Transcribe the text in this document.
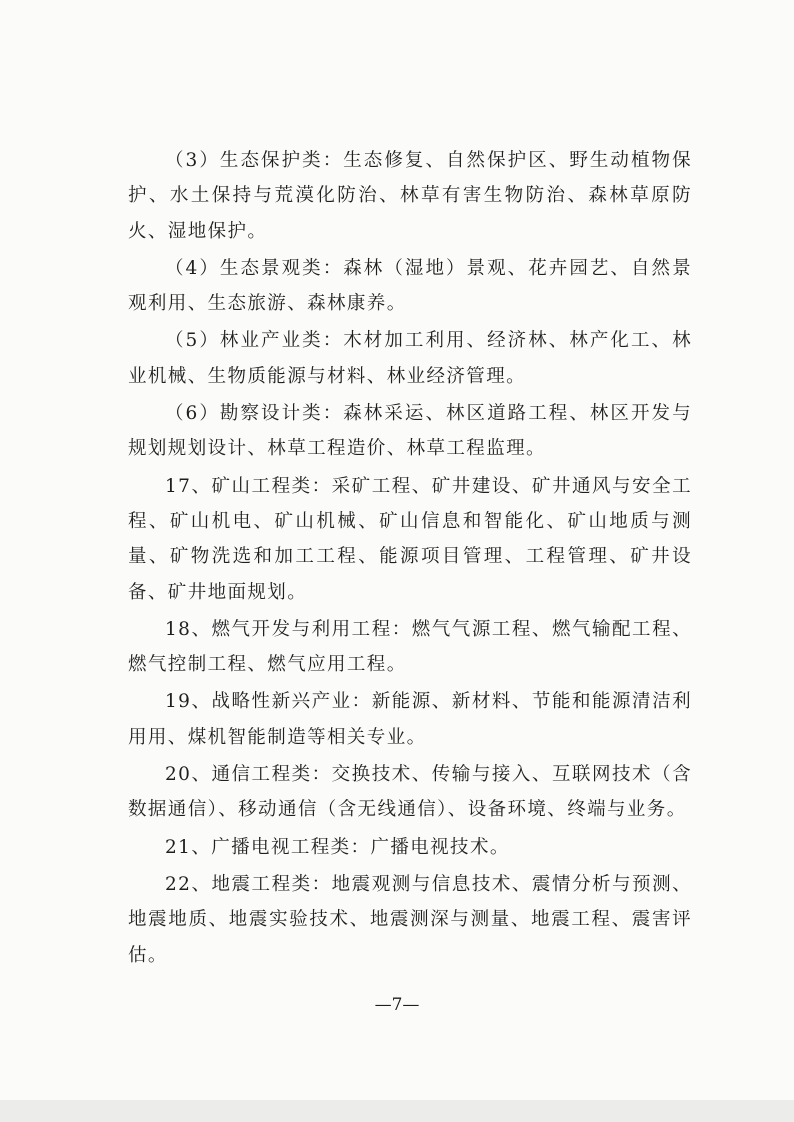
（3）生态保护类：生态修复、自然保护区、野生动植物保护、水土保持与荒漠化防治、林草有害生物防治、森林草原防火、湿地保护。

（4）生态景观类：森林（湿地）景观、花卉园艺、自然景观利用、生态旅游、森林康养。

（5）林业产业类：木材加工利用、经济林、林产化工、林业机械、生物质能源与材料、林业经济管理。

（6）勘察设计类：森林采运、林区道路工程、林区开发与规划规划设计、林草工程造价、林草工程监理。

17、矿山工程类：采矿工程、矿井建设、矿井通风与安全工程、矿山机电、矿山机械、矿山信息和智能化、矿山地质与测量、矿物洗选和加工工程、能源项目管理、工程管理、矿井设备、矿井地面规划。

18、燃气开发与利用工程：燃气气源工程、燃气输配工程、燃气控制工程、燃气应用工程。

19、战略性新兴产业：新能源、新材料、节能和能源清洁利用用、煤机智能制造等相关专业。

20、通信工程类：交换技术、传输与接入、互联网技术（含数据通信）、移动通信（含无线通信）、设备环境、终端与业务。

21、广播电视工程类：广播电视技术。

22、地震工程类：地震观测与信息技术、震情分析与预测、地震地质、地震实验技术、地震测深与测量、地震工程、震害评估。

—7—
